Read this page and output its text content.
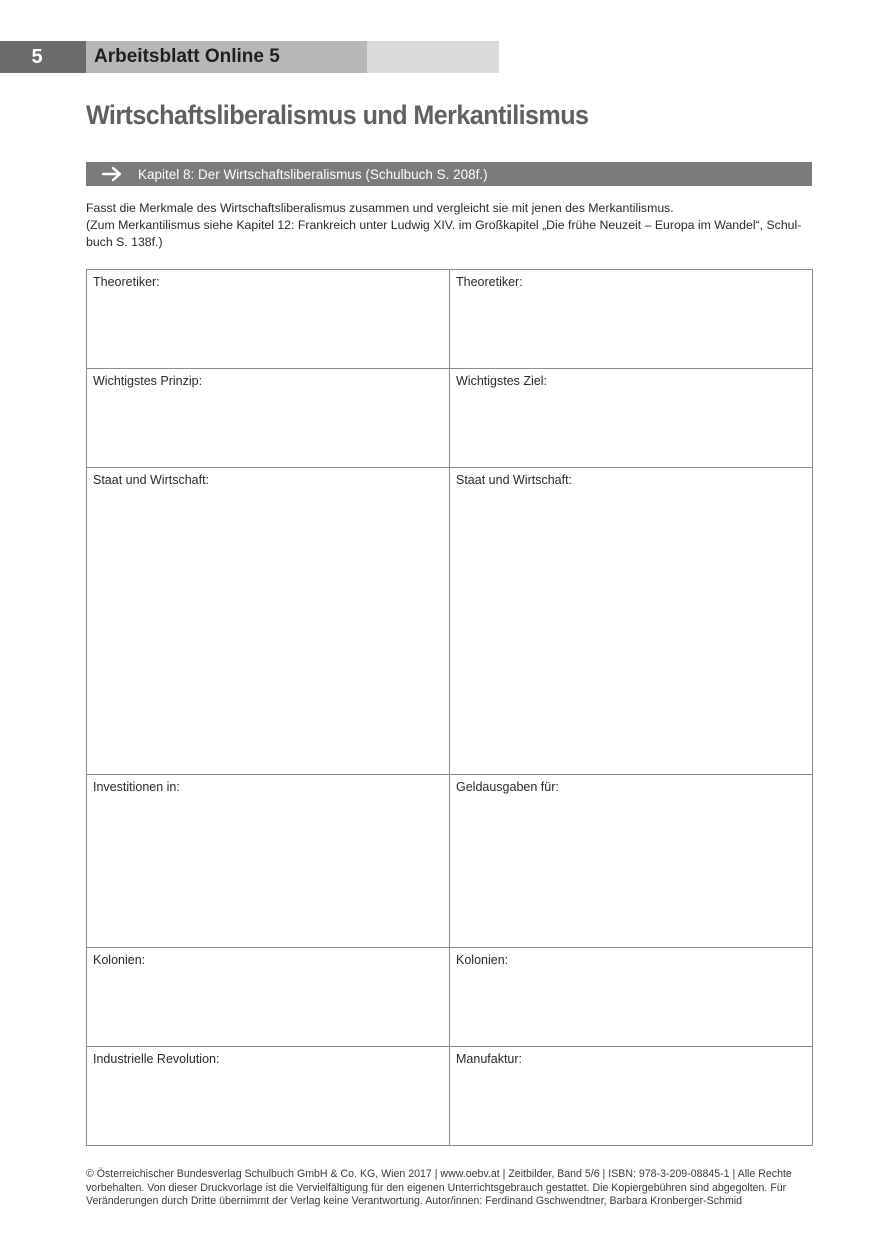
5	Arbeitsblatt Online 5
Wirtschaftsliberalismus und Merkantilismus
Kapitel 8: Der Wirtschaftsliberalismus (Schulbuch S. 208f.)

Fasst die Merkmale des Wirtschaftsliberalismus zusammen und vergleicht sie mit jenen des Merkantilismus.

(Zum Merkantilismus siehe Kapitel 12: Frankreich unter Ludwig XIV. im Großkapitel „Die frühe Neuzeit – Europa im Wandel“, Schul-

buch S. 138f.)

Theoretiker:	Theoretiker:
Wichtigstes Prinzip:	Wichtigstes Ziel:
Staat und Wirtschaft:	Staat und Wirtschaft:
Investitionen in:	Geldausgaben für:
Kolonien:	Kolonien:
Industrielle Revolution:	Manufaktur:

© Österreichischer Bundesverlag Schulbuch GmbH & Co. KG, Wien 2017 | www.oebv.at | Zeitbilder, Band 5/6 | ISBN: 978-3-209-08845-1 | Alle Rechte

vorbehalten. Von dieser Druckvorlage ist die Vervielfältigung für den eigenen Unterrichtsgebrauch gestattet. Die Kopiergebühren sind abgegolten. Für

Veränderungen durch Dritte übernimmt der Verlag keine Verantwortung. Autor/innen: Ferdinand Gschwendtner, Barbara Kronberger-Schmid
